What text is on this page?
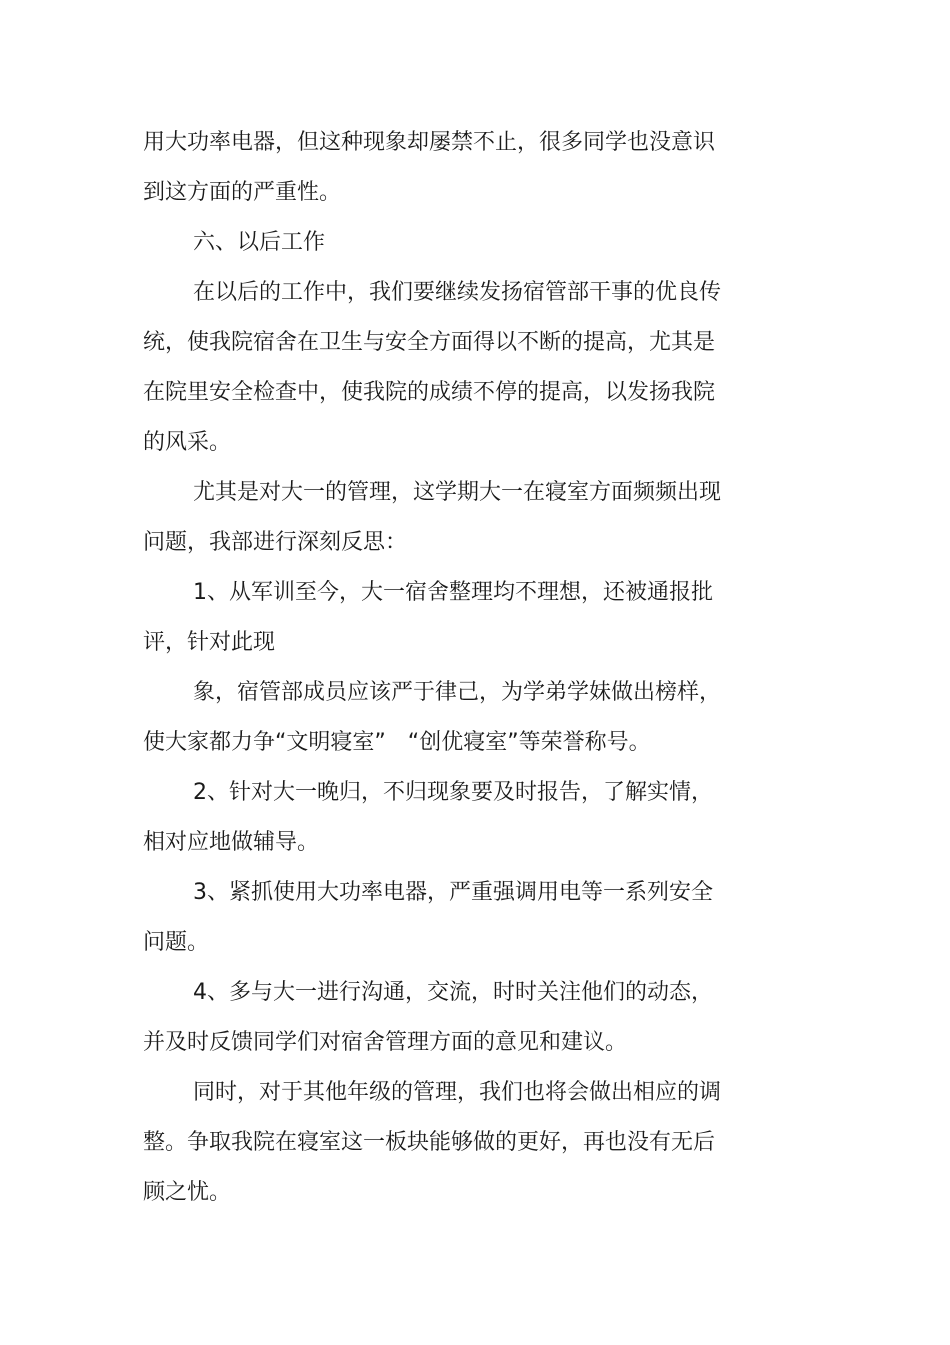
用大功率电器，但这种现象却屡禁不止，很多同学也没意识

到这方面的严重性。

六、以后工作

在以后的工作中，我们要继续发扬宿管部干事的优良传

统，使我院宿舍在卫生与安全方面得以不断的提高，尤其是

在院里安全检查中，使我院的成绩不停的提高，以发扬我院

的风采。

尤其是对大一的管理，这学期大一在寝室方面频频出现

问题，我部进行深刻反思：

1、从军训至今，大一宿舍整理均不理想，还被通报批

评，针对此现

象，宿管部成员应该严于律己，为学弟学妹做出榜样，

使大家都力争“文明寝室”　“创优寝室”等荣誉称号。

2、针对大一晚归，不归现象要及时报告，了解实情，

相对应地做辅导。

3、紧抓使用大功率电器，严重强调用电等一系列安全

问题。

4、多与大一进行沟通，交流，时时关注他们的动态，

并及时反馈同学们对宿舍管理方面的意见和建议。

同时，对于其他年级的管理，我们也将会做出相应的调

整。争取我院在寝室这一板块能够做的更好，再也没有无后

顾之忧。
